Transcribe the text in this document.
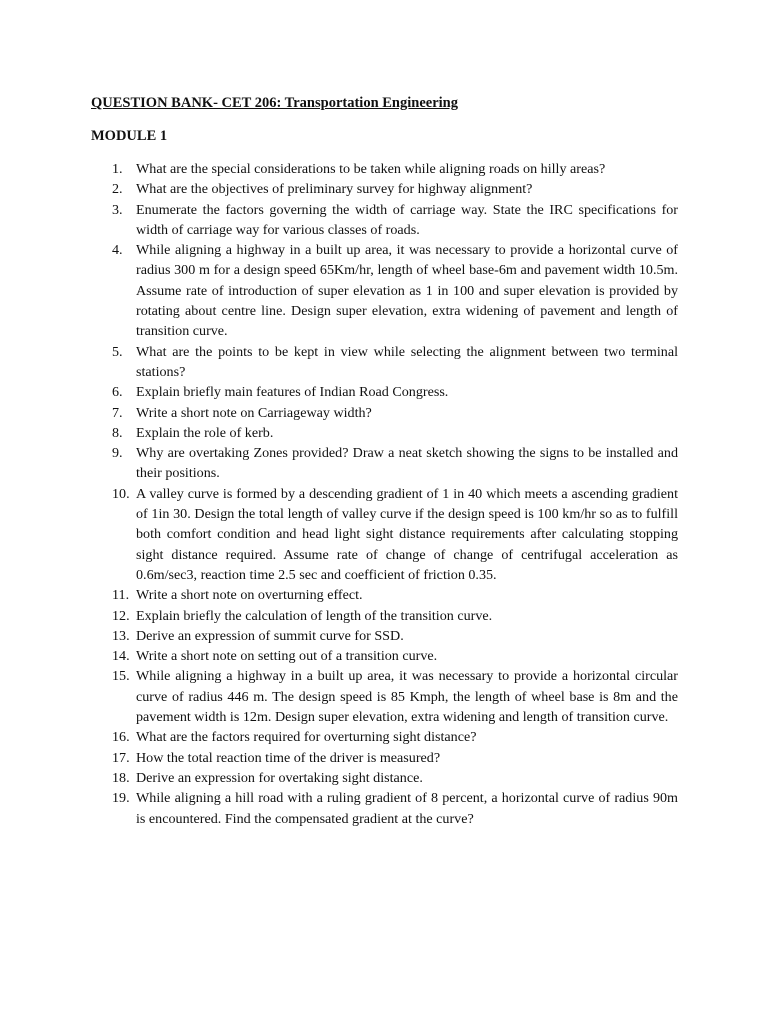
QUESTION BANK- CET 206: Transportation Engineering
MODULE 1
1. What are the special considerations to be taken while aligning roads on hilly areas?
2. What are the objectives of preliminary survey for highway alignment?
3. Enumerate the factors governing the width of carriage way. State the IRC specifications for width of carriage way for various classes of roads.
4. While aligning a highway in a built up area, it was necessary to provide a horizontal curve of radius 300 m for a design speed 65Km/hr, length of wheel base-6m and pavement width 10.5m. Assume rate of introduction of super elevation as 1 in 100 and super elevation is provided by rotating about centre line. Design super elevation, extra widening of pavement and length of transition curve.
5. What are the points to be kept in view while selecting the alignment between two terminal stations?
6. Explain briefly main features of Indian Road Congress.
7. Write a short note on Carriageway width?
8. Explain the role of kerb.
9. Why are overtaking Zones provided? Draw a neat sketch showing the signs to be installed and their positions.
10. A valley curve is formed by a descending gradient of 1 in 40 which meets a ascending gradient of 1in 30. Design the total length of valley curve if the design speed is 100 km/hr so as to fulfill both comfort condition and head light sight distance requirements after calculating stopping sight distance required. Assume rate of change of change of centrifugal acceleration as 0.6m/sec3, reaction time 2.5 sec and coefficient of friction 0.35.
11. Write a short note on overturning effect.
12. Explain briefly the calculation of length of the transition curve.
13. Derive an expression of summit curve for SSD.
14. Write a short note on setting out of a transition curve.
15. While aligning a highway in a built up area, it was necessary to provide a horizontal circular curve of radius 446 m. The design speed is 85 Kmph, the length of wheel base is 8m and the pavement width is 12m. Design super elevation, extra widening and length of transition curve.
16. What are the factors required for overturning sight distance?
17. How the total reaction time of the driver is measured?
18. Derive an expression for overtaking sight distance.
19. While aligning a hill road with a ruling gradient of 8 percent, a horizontal curve of radius 90m is encountered. Find the compensated gradient at the curve?
